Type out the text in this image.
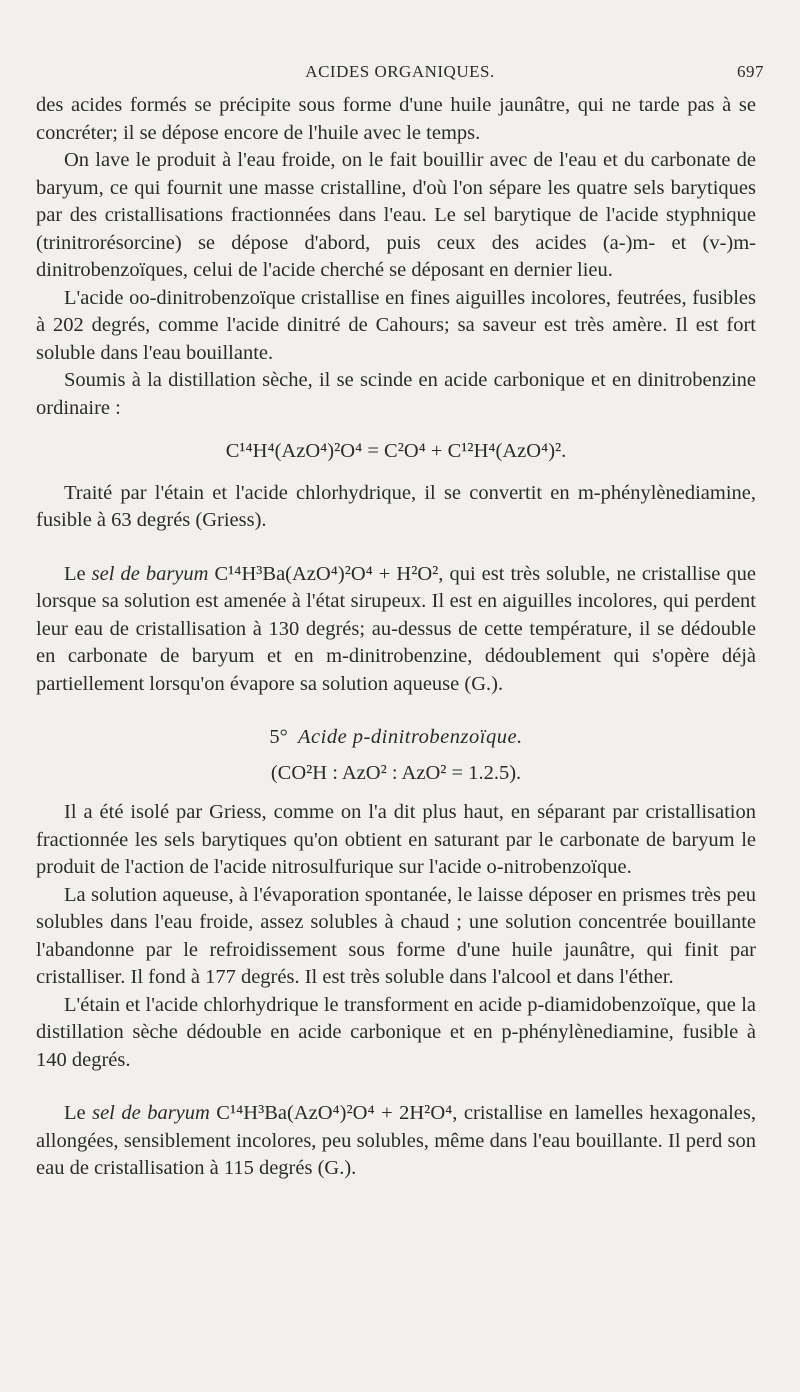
ACIDES ORGANIQUES.	697

des acides formés se précipite sous forme d'une huile jaunâtre, qui ne tarde pas à se concréter; il se dépose encore de l'huile avec le temps.

On lave le produit à l'eau froide, on le fait bouillir avec de l'eau et du carbonate de baryum, ce qui fournit une masse cristalline, d'où l'on sépare les quatre sels barytiques par des cristallisations fractionnées dans l'eau. Le sel barytique de l'acide styphnique (trinitrorésorcine) se dépose d'abord, puis ceux des acides (a-)m- et (v-)m-dinitrobenzoïques, celui de l'acide cherché se déposant en dernier lieu.

L'acide oo-dinitrobenzoïque cristallise en fines aiguilles incolores, feutrées, fusibles à 202 degrés, comme l'acide dinitré de Cahours; sa saveur est très amère. Il est fort soluble dans l'eau bouillante.

Soumis à la distillation sèche, il se scinde en acide carbonique et en dinitrobenzine ordinaire :

C¹⁴H⁴(AzO⁴)²O⁴ = C²O⁴ + C¹²H⁴(AzO⁴)².

Traité par l'étain et l'acide chlorhydrique, il se convertit en m-phénylènediamine, fusible à 63 degrés (Griess).

Le sel de baryum C¹⁴H³Ba(AzO⁴)²O⁴ + H²O², qui est très soluble, ne cristallise que lorsque sa solution est amenée à l'état sirupeux. Il est en aiguilles incolores, qui perdent leur eau de cristallisation à 130 degrés; au-dessus de cette température, il se dédouble en carbonate de baryum et en m-dinitrobenzine, dédoublement qui s'opère déjà partiellement lorsqu'on évapore sa solution aqueuse (G.).

5° Acide p-dinitrobenzoïque.

(CO²H : AzO² : AzO² = 1.2.5).

Il a été isolé par Griess, comme on l'a dit plus haut, en séparant par cristallisation fractionnée les sels barytiques qu'on obtient en saturant par le carbonate de baryum le produit de l'action de l'acide nitrosulfurique sur l'acide o-nitrobenzoïque.

La solution aqueuse, à l'évaporation spontanée, le laisse déposer en prismes très peu solubles dans l'eau froide, assez solubles à chaud ; une solution concentrée bouillante l'abandonne par le refroidissement sous forme d'une huile jaunâtre, qui finit par cristalliser. Il fond à 177 degrés. Il est très soluble dans l'alcool et dans l'éther.

L'étain et l'acide chlorhydrique le transforment en acide p-diamidobenzoïque, que la distillation sèche dédouble en acide carbonique et en p-phénylènediamine, fusible à 140 degrés.

Le sel de baryum C¹⁴H³Ba(AzO⁴)²O⁴ + 2H²O⁴, cristallise en lamelles hexagonales, allongées, sensiblement incolores, peu solubles, même dans l'eau bouillante. Il perd son eau de cristallisation à 115 degrés (G.).
